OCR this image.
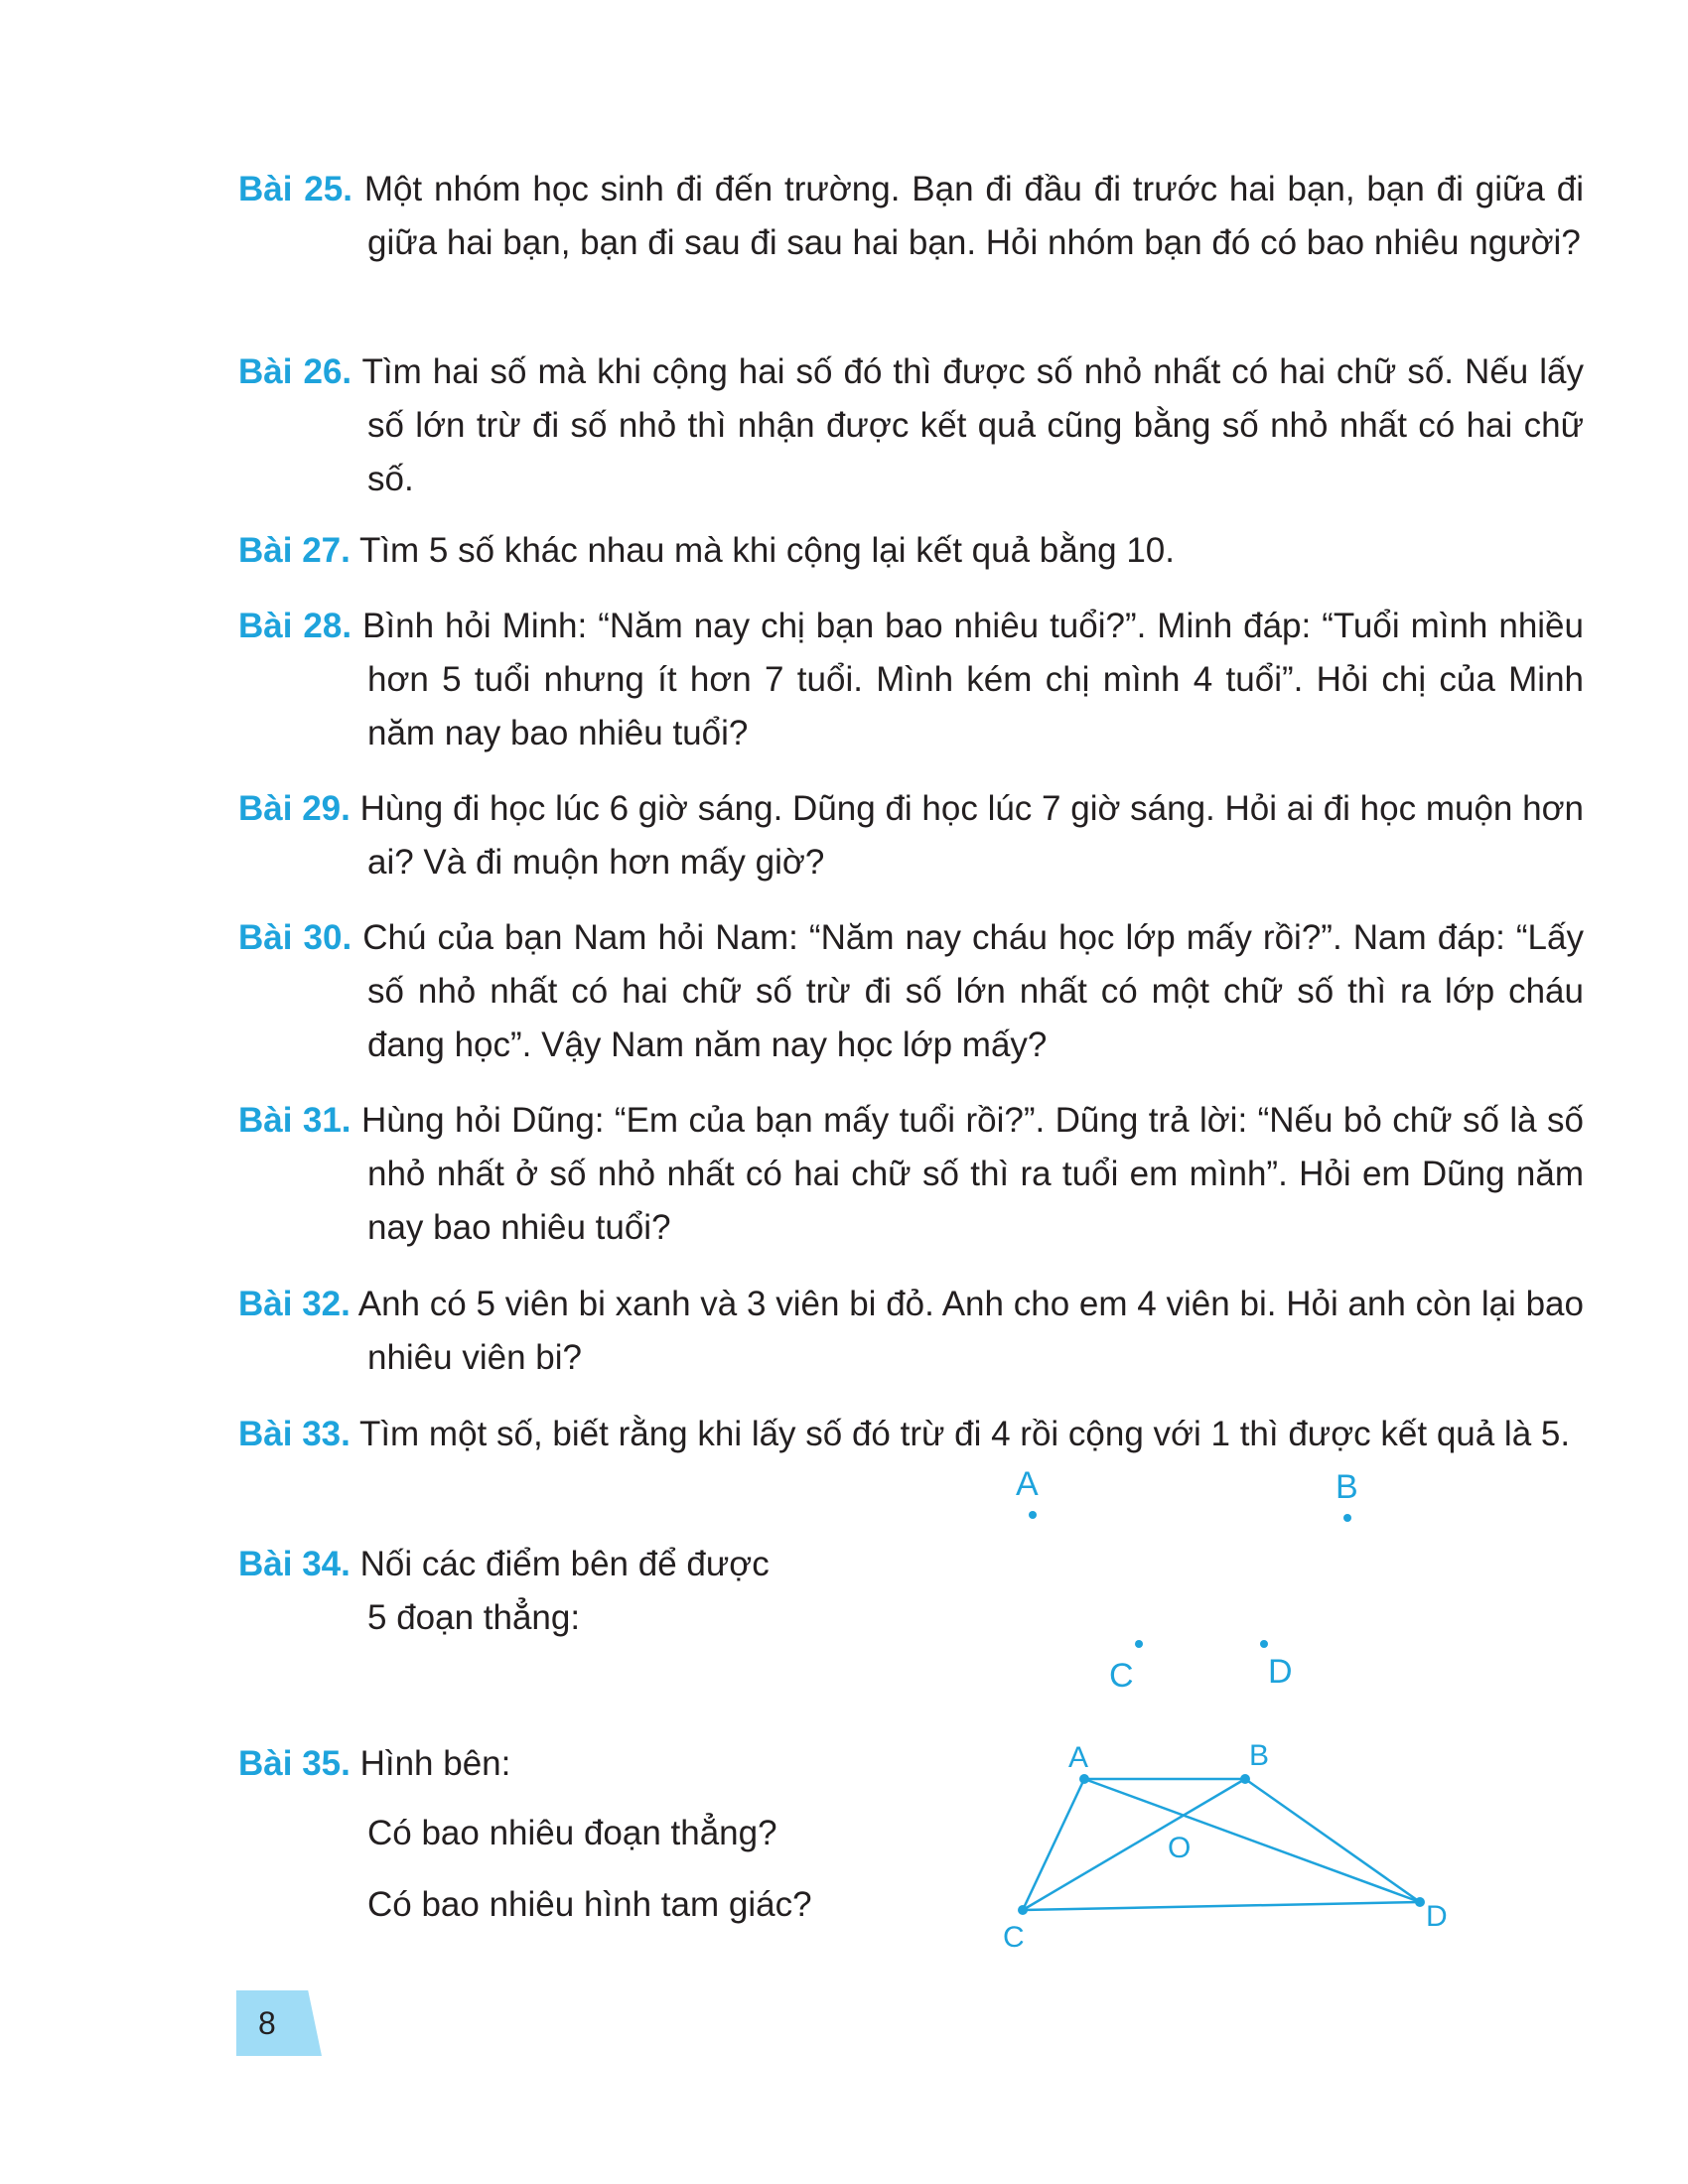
Bài 25. Một nhóm học sinh đi đến trường. Bạn đi đầu đi trước hai bạn, bạn đi giữa đi giữa hai bạn, bạn đi sau đi sau hai bạn. Hỏi nhóm bạn đó có bao nhiêu người?
Bài 26. Tìm hai số mà khi cộng hai số đó thì được số nhỏ nhất có hai chữ số. Nếu lấy số lớn trừ đi số nhỏ thì nhận được kết quả cũng bằng số nhỏ nhất có hai chữ số.
Bài 27. Tìm 5 số khác nhau mà khi cộng lại kết quả bằng 10.
Bài 28. Bình hỏi Minh: “Năm nay chị bạn bao nhiêu tuổi?”. Minh đáp: “Tuổi mình nhiều hơn 5 tuổi nhưng ít hơn 7 tuổi. Mình kém chị mình 4 tuổi”. Hỏi chị của Minh năm nay bao nhiêu tuổi?
Bài 29. Hùng đi học lúc 6 giờ sáng. Dũng đi học lúc 7 giờ sáng. Hỏi ai đi học muộn hơn ai? Và đi muộn hơn mấy giờ?
Bài 30. Chú của bạn Nam hỏi Nam: “Năm nay cháu học lớp mấy rồi?”. Nam đáp: “Lấy số nhỏ nhất có hai chữ số trừ đi số lớn nhất có một chữ số thì ra lớp cháu đang học”. Vậy Nam năm nay học lớp mấy?
Bài 31. Hùng hỏi Dũng: “Em của bạn mấy tuổi rồi?”. Dũng trả lời: “Nếu bỏ chữ số là số nhỏ nhất ở số nhỏ nhất có hai chữ số thì ra tuổi em mình”. Hỏi em Dũng năm nay bao nhiêu tuổi?
Bài 32. Anh có 5 viên bi xanh và 3 viên bi đỏ. Anh cho em 4 viên bi. Hỏi anh còn lại bao nhiêu viên bi?
Bài 33. Tìm một số, biết rằng khi lấy số đó trừ đi 4 rồi cộng với 1 thì được kết quả là 5.
Bài 34. Nối các điểm bên để được
5 đoạn thẳng:
A	B
C	D
Bài 35. Hình bên:
Có bao nhiêu đoạn thẳng?
Có bao nhiêu hình tam giác?
A	B
O
C
D
8
